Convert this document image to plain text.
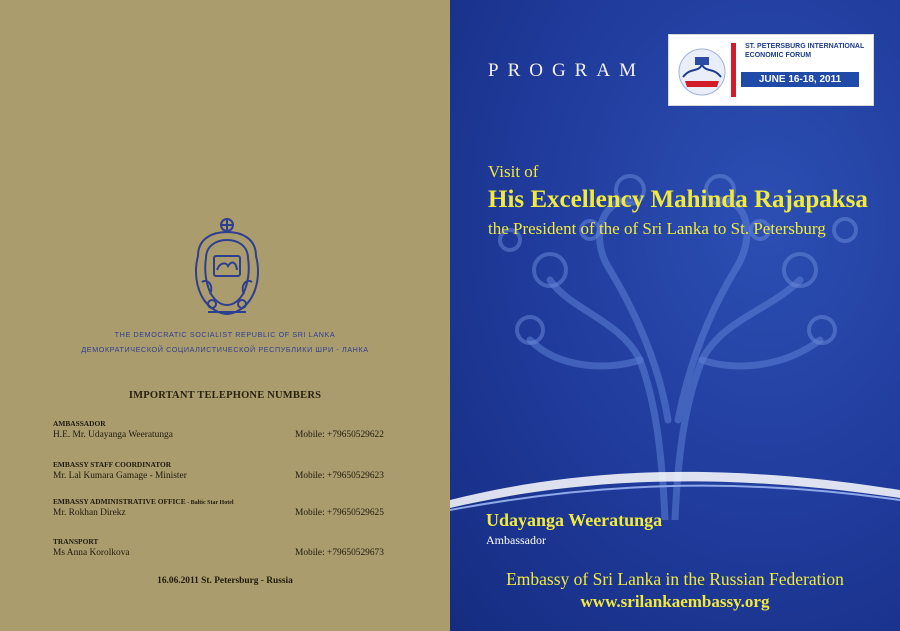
THE DEMOCRATIC SOCIALIST REPUBLIC OF SRI LANKA
ДЕМОКРАТИЧЕСКОЙ СОЦИАЛИСТИЧЕСКОЙ РЕСПУБЛИКИ ШРИ - ЛАНКА
IMPORTANT TELEPHONE NUMBERS
AMBASSADOR
H.E. Mr. Udayanga Weeratunga	Mobile: +79650529622
EMBASSY STAFF COORDINATOR
Mr. Lal Kumara Gamage - Minister	Mobile: +79650529623
EMBASSY ADMINISTRATIVE OFFICE - Baltic Star Hotel
Mr. Rokhan Direkz	Mobile: +79650529625
TRANSPORT
Ms Anna Korolkova	Mobile: +79650529673
16.06.2011 St. Petersburg - Russia
PROGRAM
ST. PETERSBURG INTERNATIONAL ECONOMIC FORUM
JUNE 16-18, 2011
Visit of
His Excellency Mahinda Rajapaksa
the President of the of Sri Lanka to St. Petersburg
Udayanga Weeratunga
Ambassador
Embassy of Sri Lanka in the Russian Federation
www.srilankaembassy.org
